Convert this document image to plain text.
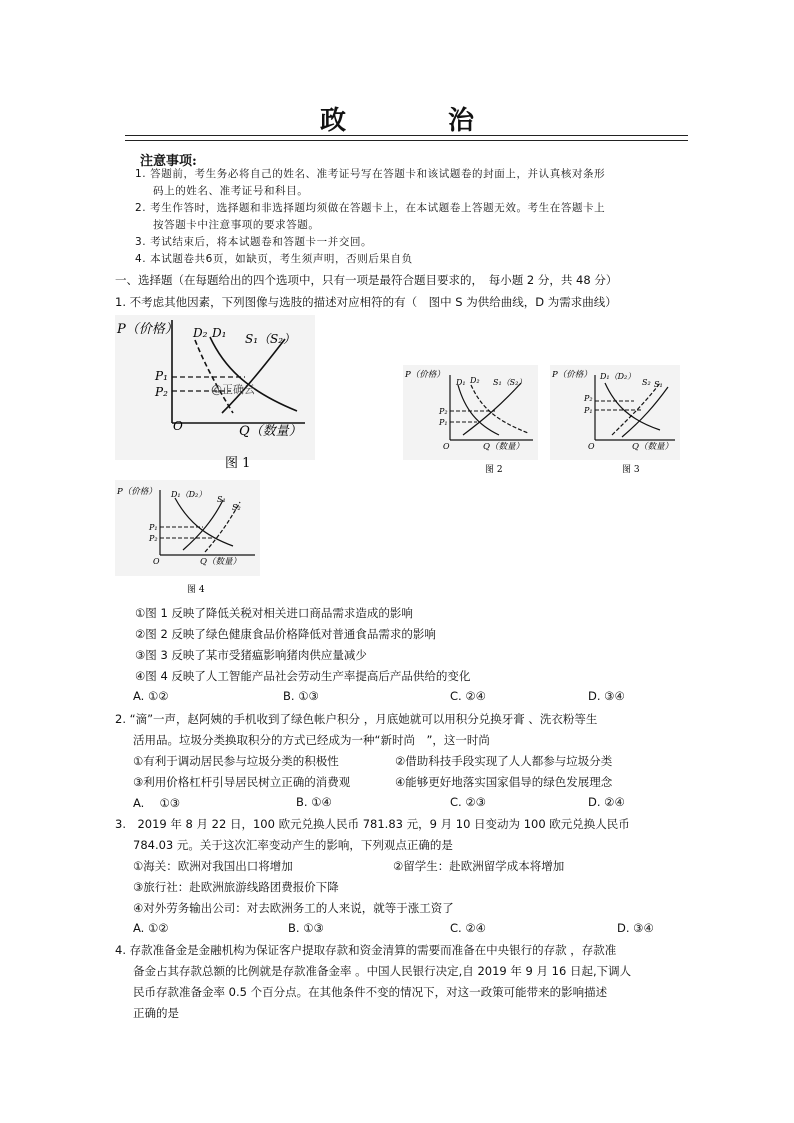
政　治
注意事项:
1. 答题前，考生务必将自己的姓名、准考证号写在答题卡和该试题卷的封面上，并认真核对条形
码上的姓名、准考证号和科目。
2. 考生作答时，选择题和非选择题均须做在答题卡上，在本试题卷上答题无效。考生在答题卡上
按答题卡中注意事项的要求答题。
3. 考试结束后，将本试题卷和答题卡一并交回。
4. 本试题卷共6页，如缺页，考生须声明，否则后果自负
一、选择题（在每题给出的四个选项中，只有一项是最符合题目要求的，　每小题 2 分，共 48 分）
1. 不考虑其他因素，下列图像与选肢的描述对应相符的有（　图中 S 为供给曲线，D 为需求曲线）
P（价格） D₂ D₁ S₁（S₂）
P₁
P₂	@正确云
O	Q（数量）
图 1
P（价格）
D₁ D₂ S₁（S₂）
P₂
P₁
O	Q（数量）
图 2
P（价格） D₁（D₂）
S₂ S₁
P₂
P₁
O	Q（数量）
图 3
P（价格） D₁（D₂）
S₁
S₂
P₁
P₂
O	Q（数量）
图 4
①图 1 反映了降低关税对相关进口商品需求造成的影响
②图 2 反映了绿色健康食品价格降低对普通食品需求的影响
③图 3 反映了某市受猪瘟影响猪肉供应量减少
④图 4 反映了人工智能产品社会劳动生产率提高后产品供给的变化
A. ①②	B. ①③	C. ②④	D. ③④
2. “滴”一声，赵阿姨的手机收到了绿色帐户积分 ，月底她就可以用积分兑换牙膏 、洗衣粉等生
活用品。垃圾分类换取积分的方式已经成为一种“新时尚　”，这一时尚
①有利于调动居民参与垃圾分类的积极性	②借助科技手段实现了人人都参与垃圾分类
③利用价格杠杆引导居民树立正确的消费观	④能够更好地落实国家倡导的绿色发展理念
A.　 ①③	B. ①④	C. ②③	D. ②④
3.　2019 年 8 月 22 日，100 欧元兑换人民币 781.83 元，9 月 10 日变动为 100 欧元兑换人民币
784.03 元。关于这次汇率变动产生的影响，下列观点正确的是
①海关：欧洲对我国出口将增加	②留学生：赴欧洲留学成本将增加
③旅行社：赴欧洲旅游线路团费报价下降
④对外劳务输出公司：对去欧洲务工的人来说，就等于涨工资了
A. ①②	B. ①③	C. ②④	D. ③④
4. 存款准备金是金融机构为保证客户提取存款和资金清算的需要而准备在中央银行的存款 ，存款准
备金占其存款总额的比例就是存款准备金率 。中国人民银行决定,自 2019 年 9 月 16 日起,下调人
民币存款准备金率 0.5 个百分点。在其他条件不变的情况下，对这一政策可能带来的影响描述
正确的是
